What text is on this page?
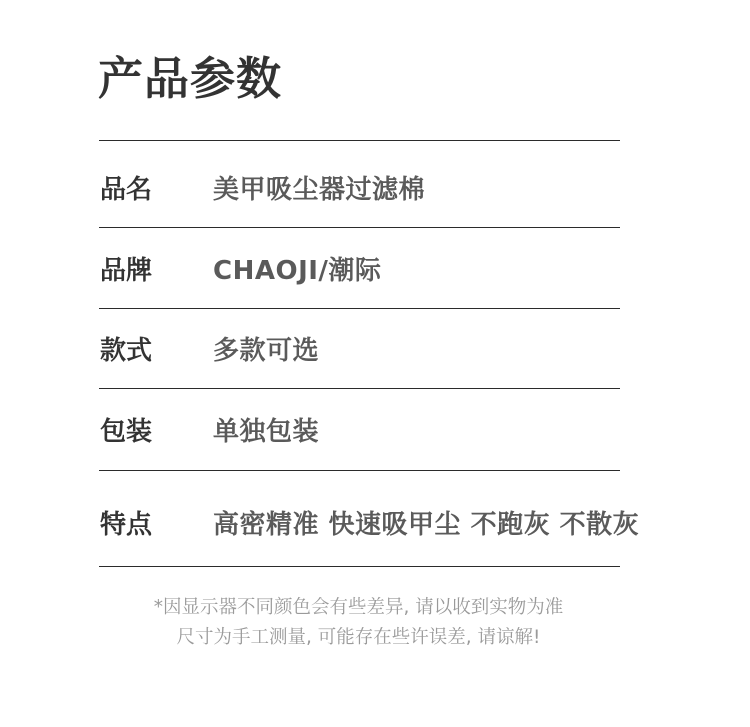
产品参数
品名 美甲吸尘器过滤棉
品牌 CHAOJI/潮际
款式 多款可选
包装 单独包装
特点 高密精准 快速吸甲尘 不跑灰 不散灰

*因显示器不同颜色会有些差异, 请以收到实物为准

尺寸为手工测量, 可能存在些许误差, 请谅解!
